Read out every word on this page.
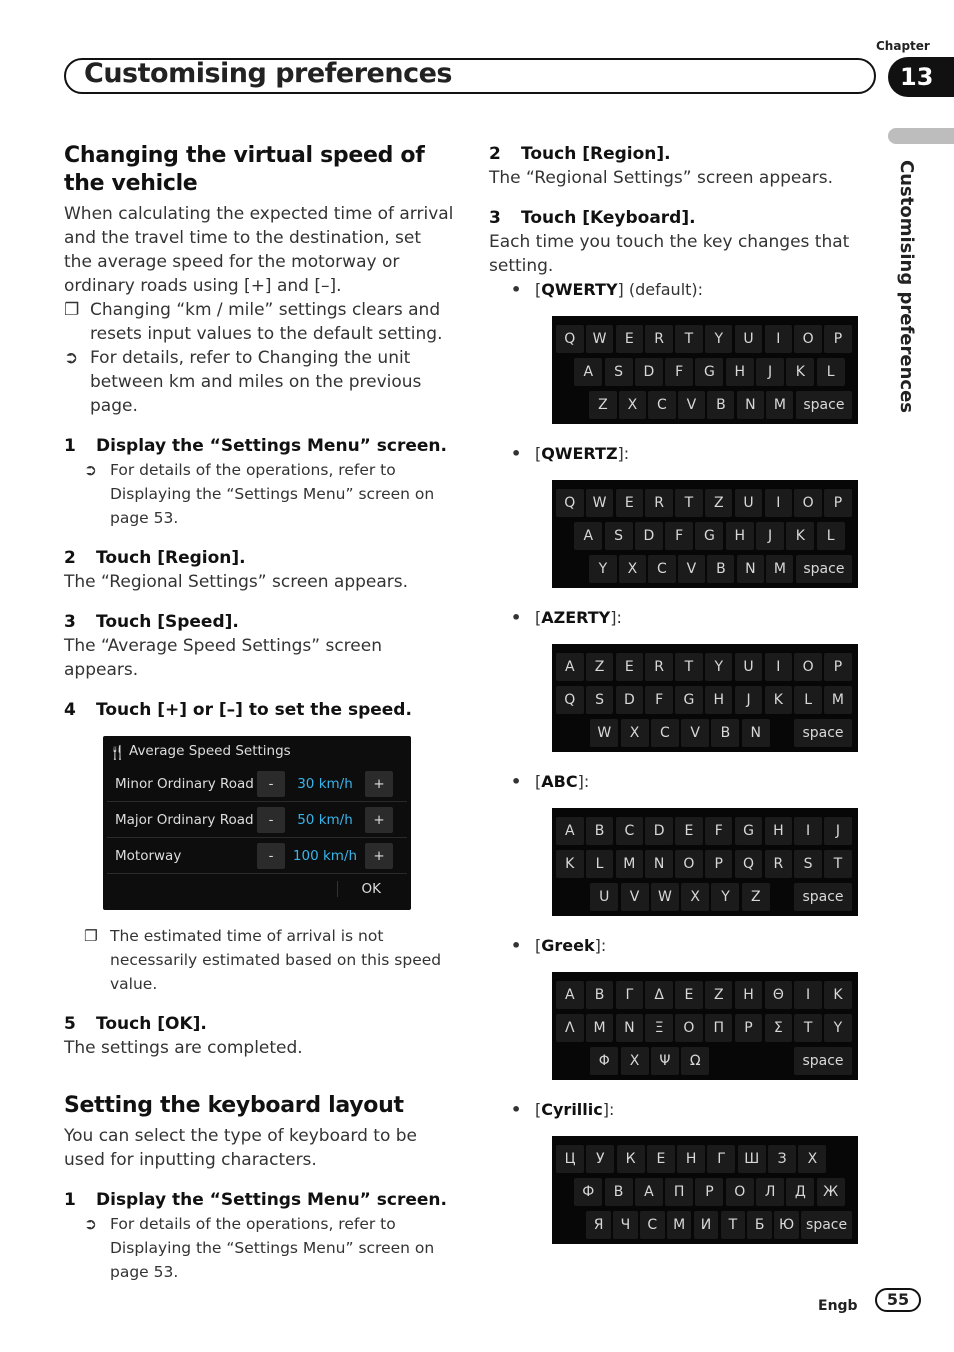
Chapter
Customising preferences	13
Customising preferences
Changing the virtual speed of the vehicle

When calculating the expected time of arrival and the travel time to the destination, set the average speed for the motorway or ordinary roads using [+] and [–].

❐ Changing “km / mile” settings clears and resets input values to the default setting.
➲ For details, refer to Changing the unit between km and miles on the previous page.
1 Display the “Settings Menu” screen.
➲ For details of the operations, refer to Displaying the “Settings Menu” screen on page 53.
2 Touch [Region].

The “Regional Settings” screen appears.

3 Touch [Speed].

The “Average Speed Settings” screen appears.

4 Touch [+] or [–] to set the speed.
🍴 Average Speed Settings
Minor Ordinary Road	-	30 km/h	+
Major Ordinary Road	-	50 km/h	+
Motorway	-	100 km/h	+
OK
❐ The estimated time of arrival is not necessarily estimated based on this speed value.
5 Touch [OK].

The settings are completed.

Setting the keyboard layout

You can select the type of keyboard to be used for inputting characters.

1 Display the “Settings Menu” screen.
➲ For details of the operations, refer to Displaying the “Settings Menu” screen on page 53.
2 Touch [Region].

The “Regional Settings” screen appears.

3 Touch [Keyboard].

Each time you touch the key changes that setting.

• [QWERTY] (default):
Q	W	E	R	T	Y	U	I	O	P
A	S	D	F	G	H	J	K	L
Z	X	C	V	B	N	M	space
• [QWERTZ]:
Q	W	E	R	T	Z	U	I	O	P
A	S	D	F	G	H	J	K	L
Y	X	C	V	B	N	M	space
• [AZERTY]:
A	Z	E	R	T	Y	U	I	O	P
Q	S	D	F	G	H	J	K	L	M
W	X	C	V	B	N	space
• [ABC]:
A	B	C	D	E	F	G	H	I	J
K	L	M	N	O	P	Q	R	S	T
U	V	W	X	Y	Z	space
• [Greek]:
Α	Β	Γ	Δ	Ε	Ζ	Η	Θ	Ι	Κ
Λ	Μ	Ν	Ξ	Ο	Π	Ρ	Σ	Τ	Υ
Φ	Χ	Ψ	Ω	space
• [Cyrillic]:
Ц	У	К	Е	Н	Г	Ш	З	Х
Ф	В	А	П	Р	О	Л	Д	Ж
Я	Ч	С	М	И	Т	Б	Ю space
Engb	55
